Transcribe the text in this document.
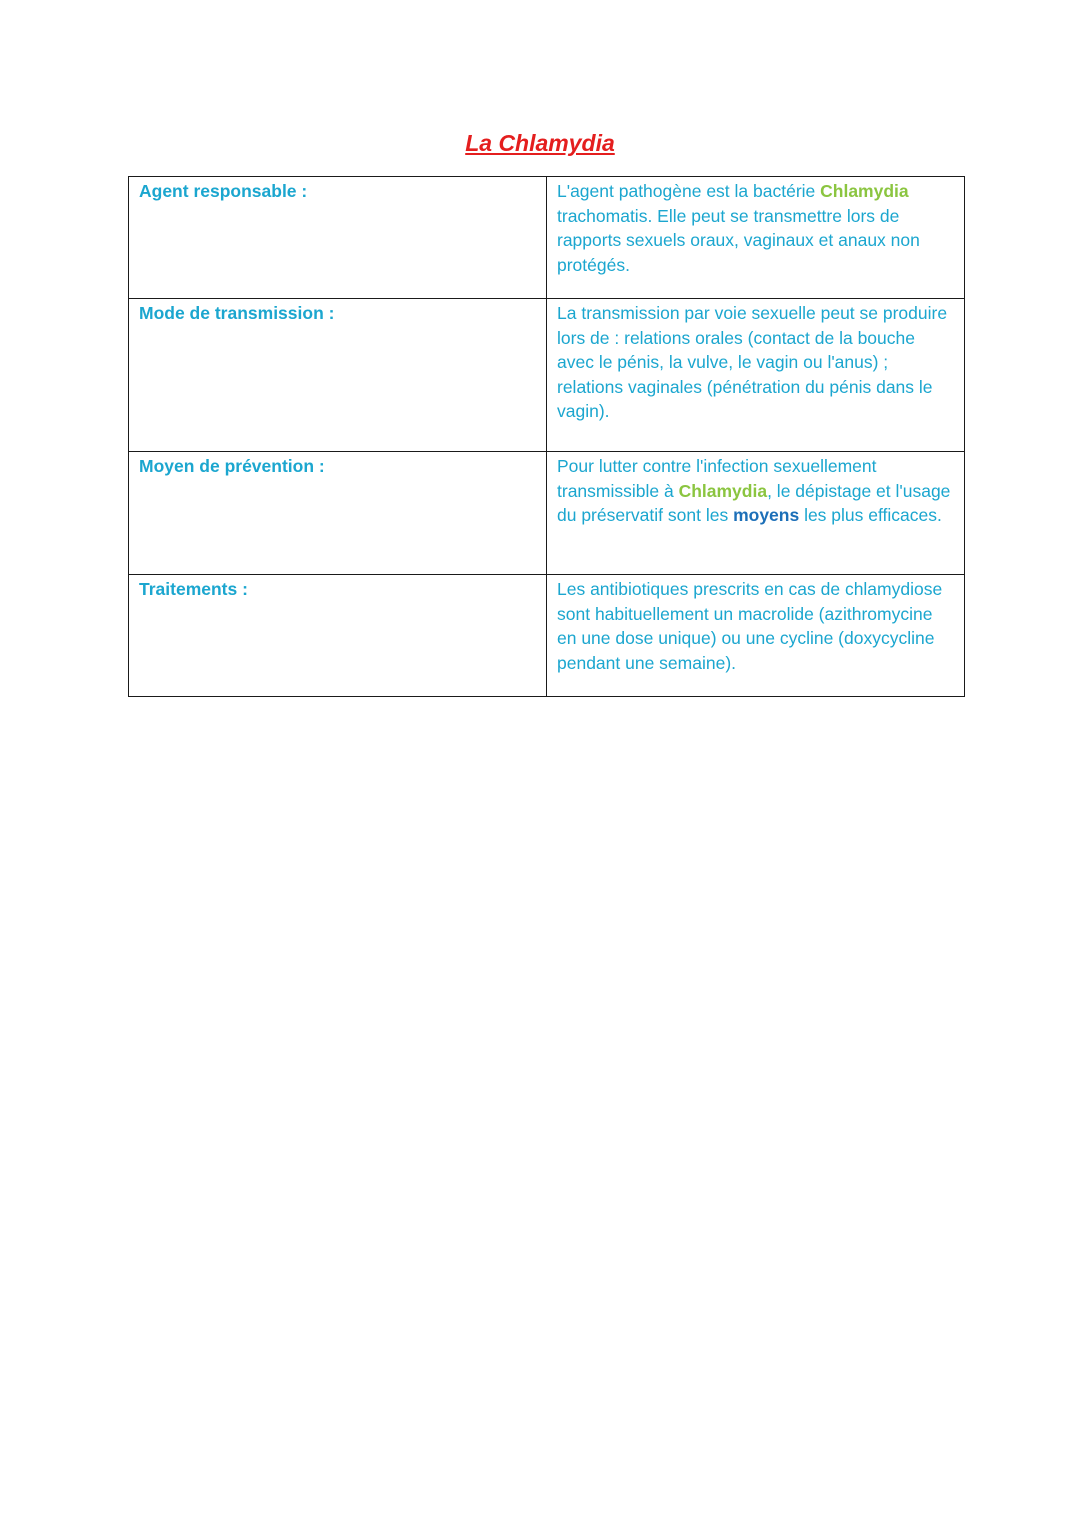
La Chlamydia
Agent responsable :	L'agent pathogène est la bactérie Chlamydia trachomatis. Elle peut se transmettre lors de rapports sexuels oraux, vaginaux et anaux non protégés.
Mode de transmission :	La transmission par voie sexuelle peut se produire lors de : relations orales (contact de la bouche avec le pénis, la vulve, le vagin ou l'anus) ; relations vaginales (pénétration du pénis dans le vagin).
Moyen de prévention :	Pour lutter contre l'infection sexuellement transmissible à Chlamydia, le dépistage et l'usage du préservatif sont les moyens les plus efficaces.
Traitements :	Les antibiotiques prescrits en cas de chlamydiose sont habituellement un macrolide (azithromycine en une dose unique) ou une cycline (doxycycline pendant une semaine).
